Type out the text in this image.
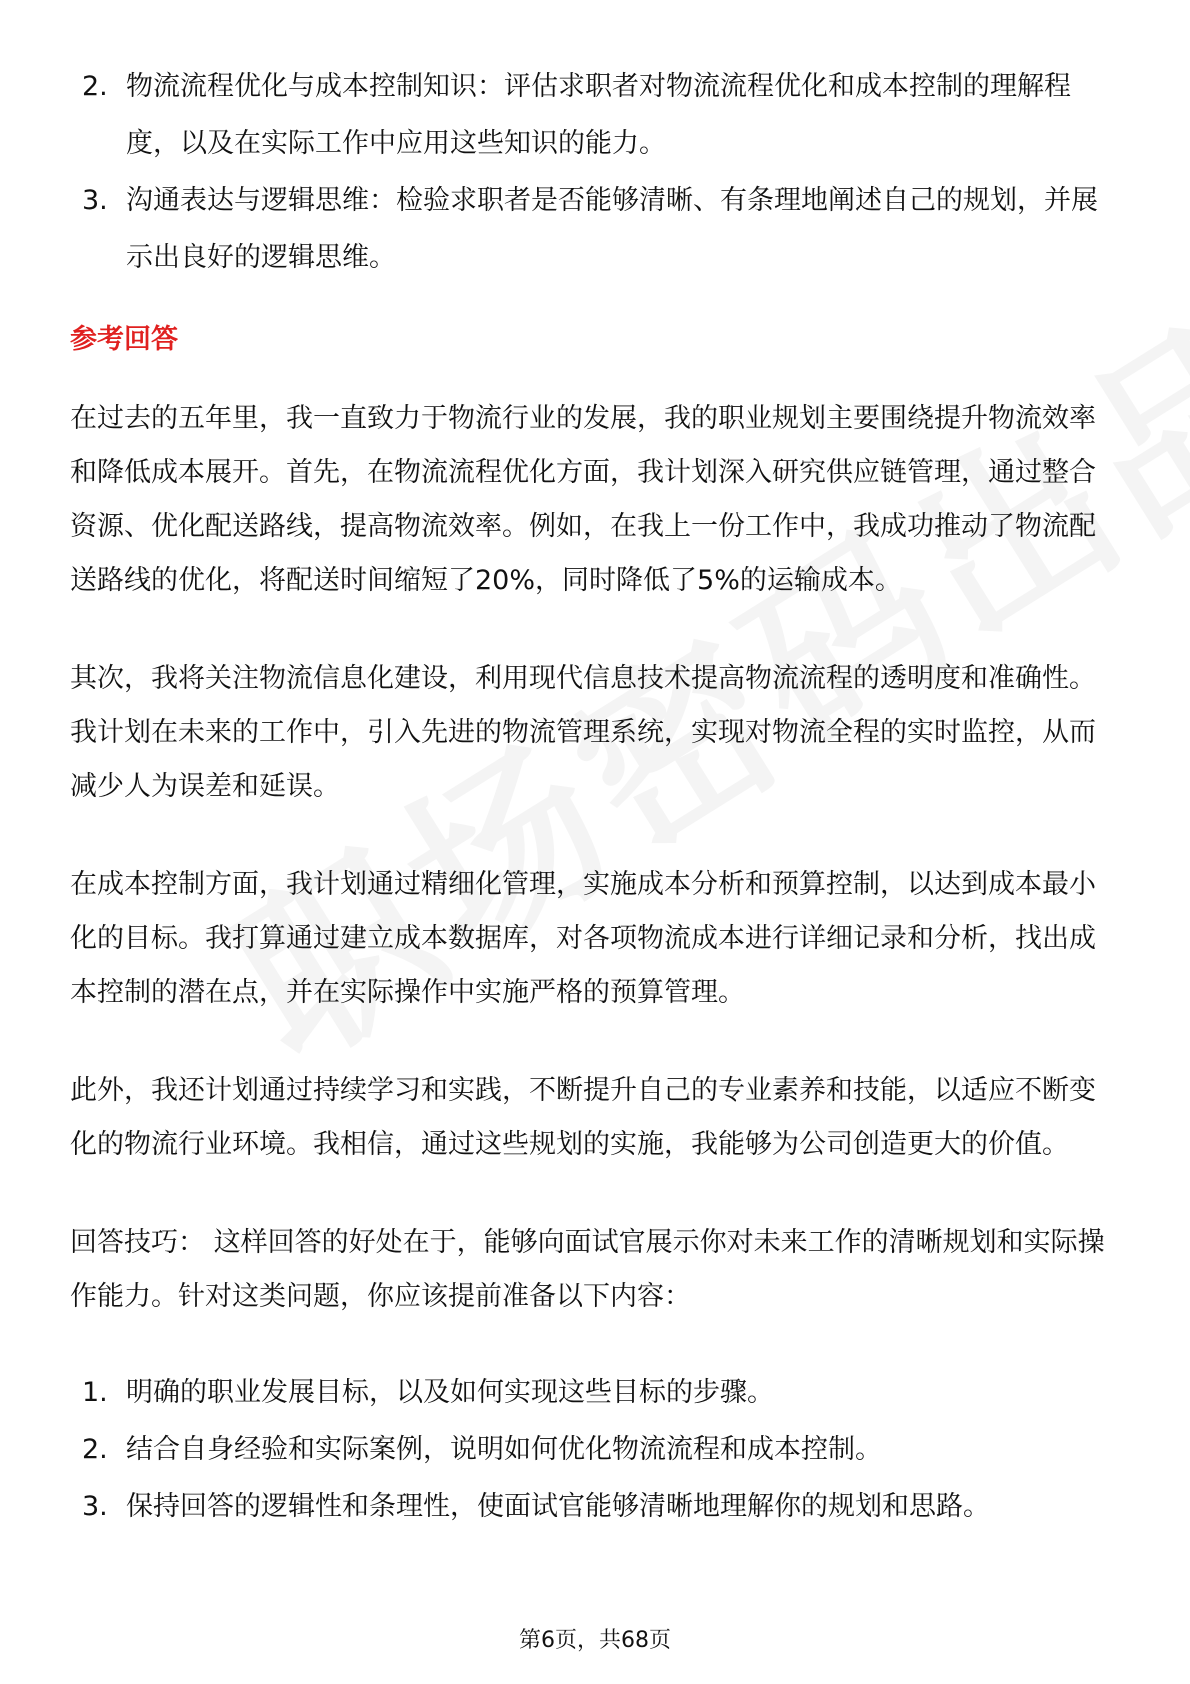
2. 物流流程优化与成本控制知识：评估求职者对物流流程优化和成本控制的理解程度，以及在实际工作中应用这些知识的能力。
3. 沟通表达与逻辑思维：检验求职者是否能够清晰、有条理地阐述自己的规划，并展示出良好的逻辑思维。
参考回答

在过去的五年里，我一直致力于物流行业的发展，我的职业规划主要围绕提升物流效率和降低成本展开。首先，在物流流程优化方面，我计划深入研究供应链管理，通过整合资源、优化配送路线，提高物流效率。例如，在我上一份工作中，我成功推动了物流配送路线的优化，将配送时间缩短了20%，同时降低了5%的运输成本。

其次，我将关注物流信息化建设，利用现代信息技术提高物流流程的透明度和准确性。我计划在未来的工作中，引入先进的物流管理系统，实现对物流全程的实时监控，从而减少人为误差和延误。

在成本控制方面，我计划通过精细化管理，实施成本分析和预算控制，以达到成本最小化的目标。我打算通过建立成本数据库，对各项物流成本进行详细记录和分析，找出成本控制的潜在点，并在实际操作中实施严格的预算管理。

此外，我还计划通过持续学习和实践，不断提升自己的专业素养和技能，以适应不断变化的物流行业环境。我相信，通过这些规划的实施，我能够为公司创造更大的价值。

回答技巧： 这样回答的好处在于，能够向面试官展示你对未来工作的清晰规划和实际操作能力。针对这类问题，你应该提前准备以下内容：

1. 明确的职业发展目标，以及如何实现这些目标的步骤。
2. 结合自身经验和实际案例，说明如何优化物流流程和成本控制。
3. 保持回答的逻辑性和条理性，使面试官能够清晰地理解你的规划和思路。
第6页，共68页
